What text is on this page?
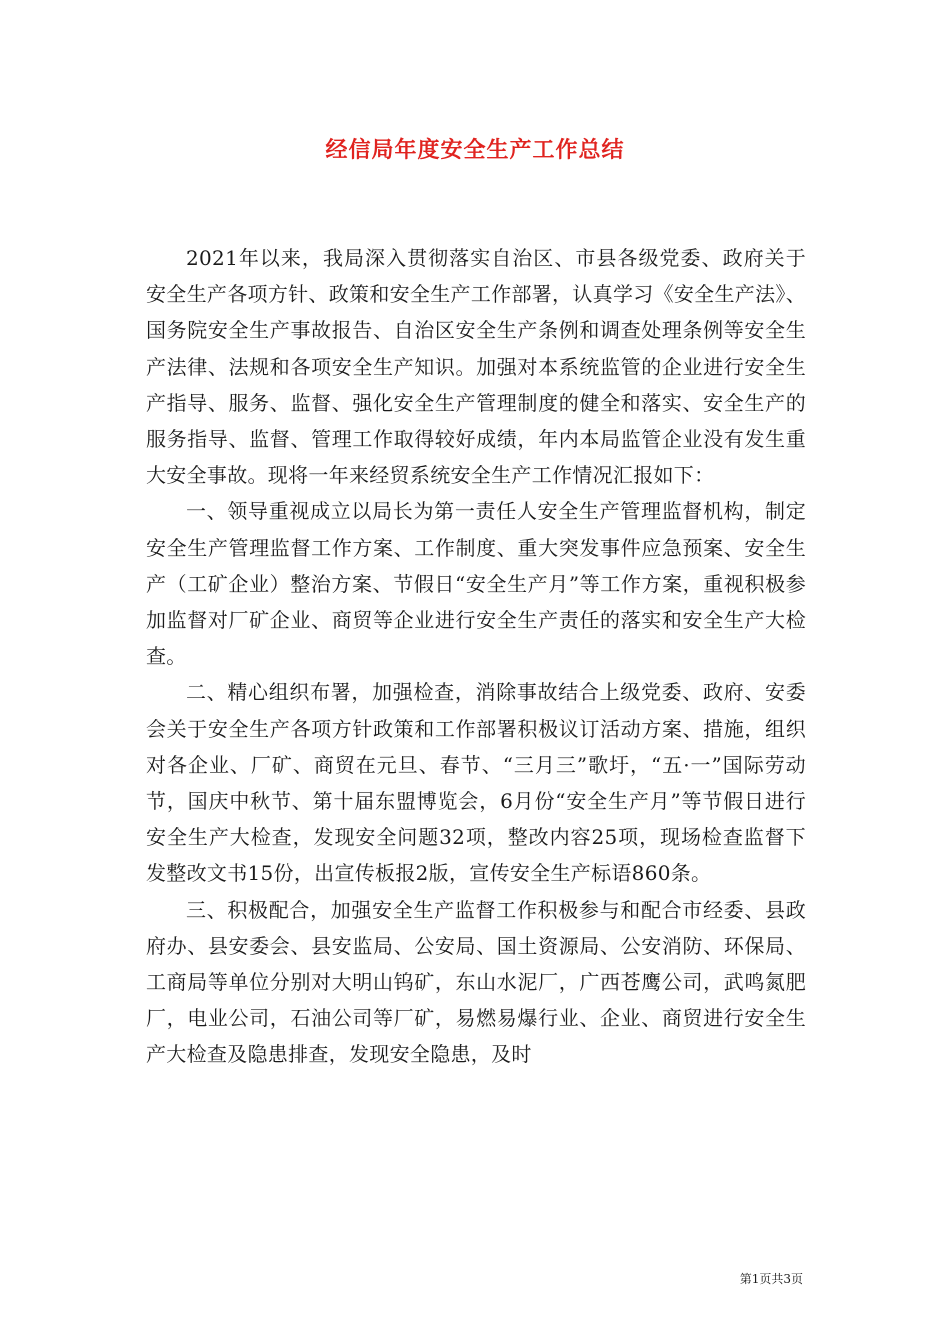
经信局年度安全生产工作总结

2021年以来，我局深入贯彻落实自治区、市县各级党委、政府关于安全生产各项方针、政策和安全生产工作部署，认真学习《安全生产法》、国务院安全生产事故报告、自治区安全生产条例和调查处理条例等安全生产法律、法规和各项安全生产知识。加强对本系统监管的企业进行安全生产指导、服务、监督、强化安全生产管理制度的健全和落实、安全生产的服务指导、监督、管理工作取得较好成绩，年内本局监管企业没有发生重大安全事故。现将一年来经贸系统安全生产工作情况汇报如下：

一、领导重视成立以局长为第一责任人安全生产管理监督机构，制定安全生产管理监督工作方案、工作制度、重大突发事件应急预案、安全生产（工矿企业）整治方案、节假日“安全生产月”等工作方案，重视积极参加监督对厂矿企业、商贸等企业进行安全生产责任的落实和安全生产大检查。

二、精心组织布署，加强检查，消除事故结合上级党委、政府、安委会关于安全生产各项方针政策和工作部署积极议订活动方案、措施，组织对各企业、厂矿、商贸在元旦、春节、“三月三”歌圩，“五·一”国际劳动节，国庆中秋节、第十届东盟博览会，6月份“安全生产月”等节假日进行安全生产大检查，发现安全问题32项，整改内容25项，现场检查监督下发整改文书15份，出宣传板报2版，宣传安全生产标语860条。

三、积极配合，加强安全生产监督工作积极参与和配合市经委、县政府办、县安委会、县安监局、公安局、国土资源局、公安消防、环保局、工商局等单位分别对大明山钨矿，东山水泥厂，广西苍鹰公司，武鸣氮肥厂，电业公司，石油公司等厂矿，易燃易爆行业、企业、商贸进行安全生产大检查及隐患排查，发现安全隐患，及时

第1页共3页
